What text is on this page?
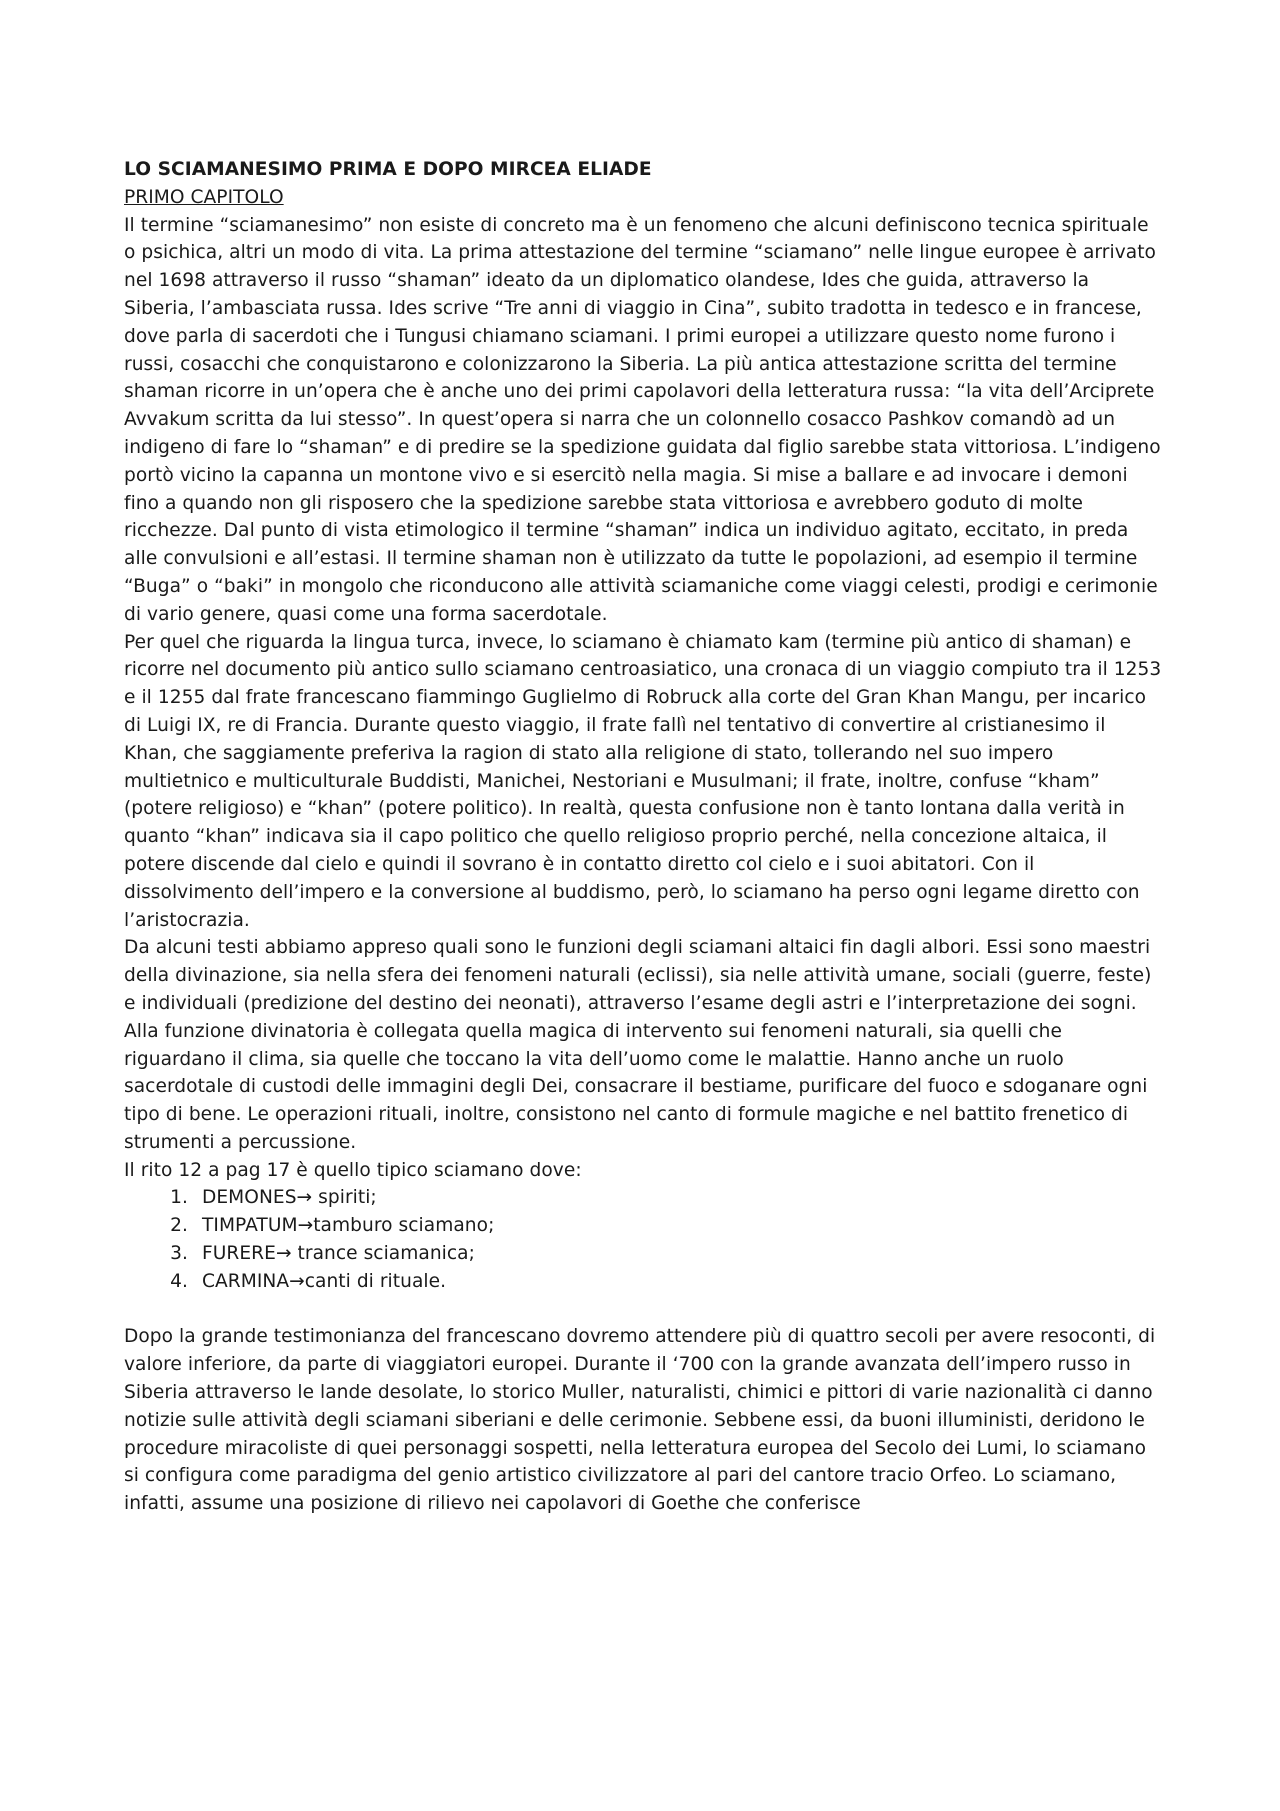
LO SCIAMANESIMO PRIMA E DOPO MIRCEA ELIADE

PRIMO CAPITOLO

Il termine “sciamanesimo” non esiste di concreto ma è un fenomeno che alcuni definiscono tecnica spirituale o psichica, altri un modo di vita. La prima attestazione del termine “sciamano” nelle lingue europee è arrivato nel 1698 attraverso il russo “shaman” ideato da un diplomatico olandese, Ides che guida, attraverso la Siberia, l’ambasciata russa. Ides scrive “Tre anni di viaggio in Cina”, subito tradotta in tedesco e in francese, dove parla di sacerdoti che i Tungusi chiamano sciamani. I primi europei a utilizzare questo nome furono i russi, cosacchi che conquistarono e colonizzarono la Siberia. La più antica attestazione scritta del termine shaman ricorre in un’opera che è anche uno dei primi capolavori della letteratura russa: “la vita dell’Arciprete Avvakum scritta da lui stesso”. In quest’opera si narra che un colonnello cosacco Pashkov comandò ad un indigeno di fare lo “shaman” e di predire se la spedizione guidata dal figlio sarebbe stata vittoriosa. L’indigeno portò vicino la capanna un montone vivo e si esercitò nella magia. Si mise a ballare e ad invocare i demoni fino a quando non gli risposero che la spedizione sarebbe stata vittoriosa e avrebbero goduto di molte ricchezze. Dal punto di vista etimologico il termine “shaman” indica un individuo agitato, eccitato, in preda alle convulsioni e all’estasi. Il termine shaman non è utilizzato da tutte le popolazioni, ad esempio il termine “Buga” o “baki” in mongolo che riconducono alle attività sciamaniche come viaggi celesti, prodigi e cerimonie di vario genere, quasi come una forma sacerdotale.

Per quel che riguarda la lingua turca, invece, lo sciamano è chiamato kam (termine più antico di shaman) e ricorre nel documento più antico sullo sciamano centroasiatico, una cronaca di un viaggio compiuto tra il 1253 e il 1255 dal frate francescano fiammingo Guglielmo di Robruck alla corte del Gran Khan Mangu, per incarico di Luigi IX, re di Francia. Durante questo viaggio, il frate fallì nel tentativo di convertire al cristianesimo il Khan, che saggiamente preferiva la ragion di stato alla religione di stato, tollerando nel suo impero multietnico e multiculturale Buddisti, Manichei, Nestoriani e Musulmani; il frate, inoltre, confuse “kham” (potere religioso) e “khan” (potere politico). In realtà, questa confusione non è tanto lontana dalla verità in quanto “khan” indicava sia il capo politico che quello religioso proprio perché, nella concezione altaica, il potere discende dal cielo e quindi il sovrano è in contatto diretto col cielo e i suoi abitatori. Con il dissolvimento dell’impero e la conversione al buddismo, però, lo sciamano ha perso ogni legame diretto con l’aristocrazia.

Da alcuni testi abbiamo appreso quali sono le funzioni degli sciamani altaici fin dagli albori. Essi sono maestri della divinazione, sia nella sfera dei fenomeni naturali (eclissi), sia nelle attività umane, sociali (guerre, feste) e individuali (predizione del destino dei neonati), attraverso l’esame degli astri e l’interpretazione dei sogni. Alla funzione divinatoria è collegata quella magica di intervento sui fenomeni naturali, sia quelli che riguardano il clima, sia quelle che toccano la vita dell’uomo come le malattie. Hanno anche un ruolo sacerdotale di custodi delle immagini degli Dei, consacrare il bestiame, purificare del fuoco e sdoganare ogni tipo di bene. Le operazioni rituali, inoltre, consistono nel canto di formule magiche e nel battito frenetico di strumenti a percussione.

Il rito 12 a pag 17 è quello tipico sciamano dove:

1. DEMONES→ spiriti;
2. TIMPATUM→tamburo sciamano;
3. FURERE→ trance sciamanica;
4. CARMINA→canti di rituale.

Dopo la grande testimonianza del francescano dovremo attendere più di quattro secoli per avere resoconti, di valore inferiore, da parte di viaggiatori europei. Durante il ‘700 con la grande avanzata dell’impero russo in Siberia attraverso le lande desolate, lo storico Muller, naturalisti, chimici e pittori di varie nazionalità ci danno notizie sulle attività degli sciamani siberiani e delle cerimonie. Sebbene essi, da buoni illuministi, deridono le procedure miracoliste di quei personaggi sospetti, nella letteratura europea del Secolo dei Lumi, lo sciamano si configura come paradigma del genio artistico civilizzatore al pari del cantore tracio Orfeo. Lo sciamano, infatti, assume una posizione di rilievo nei capolavori di Goethe che conferisce
